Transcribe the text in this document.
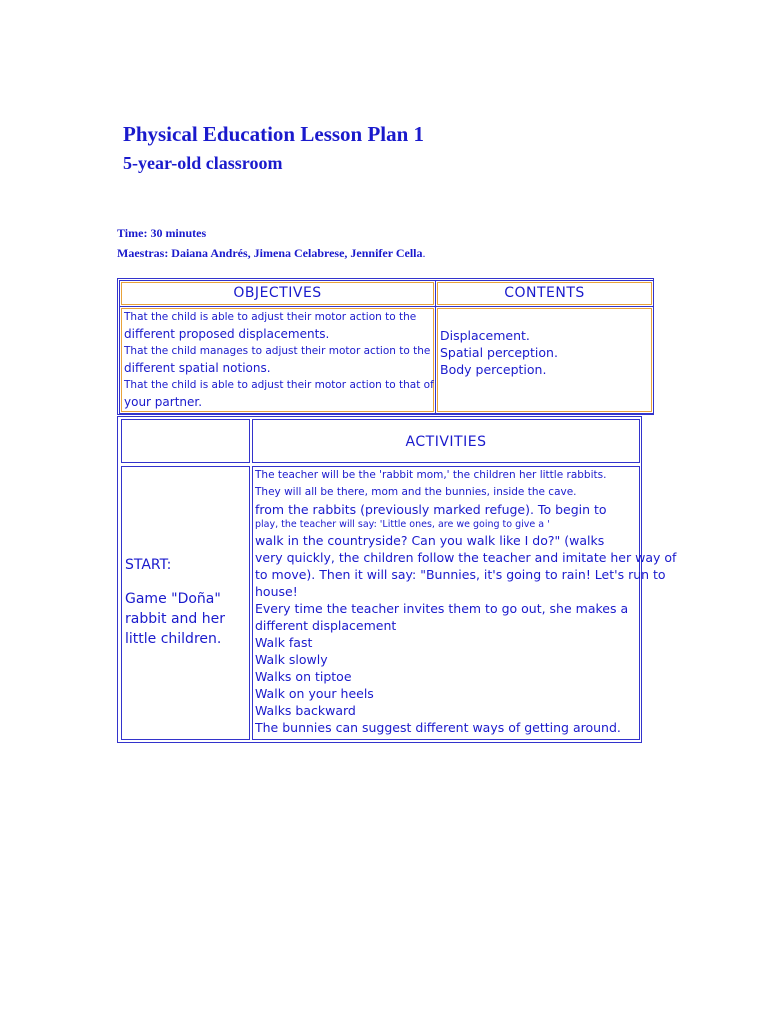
Physical Education Lesson Plan 1
5-year-old classroom
Time: 30 minutes
Maestras: Daiana Andrés, Jimena Celabrese, Jennifer Cella.
OBJECTIVES	CONTENTS
That the child is able to adjust their motor action to the
different proposed displacements.
That the child manages to adjust their motor action to the
different spatial notions.
That the child is able to adjust their motor action to that of
your partner.
Displacement.
Spatial perception.
Body perception.
ACTIVITIES
START:
Game "Doña" rabbit and her little children.
The teacher will be the 'rabbit mom,' the children her little rabbits.
They will all be there, mom and the bunnies, inside the cave.
from the rabbits (previously marked refuge). To begin to
play, the teacher will say: 'Little ones, are we going to give a '
walk in the countryside? Can you walk like I do?" (walks
very quickly, the children follow the teacher and imitate her way of
to move). Then it will say: "Bunnies, it's going to rain! Let's run to
house!
Every time the teacher invites them to go out, she makes a
different displacement
Walk fast
Walk slowly
Walks on tiptoe
Walk on your heels
Walks backward
The bunnies can suggest different ways of getting around.
